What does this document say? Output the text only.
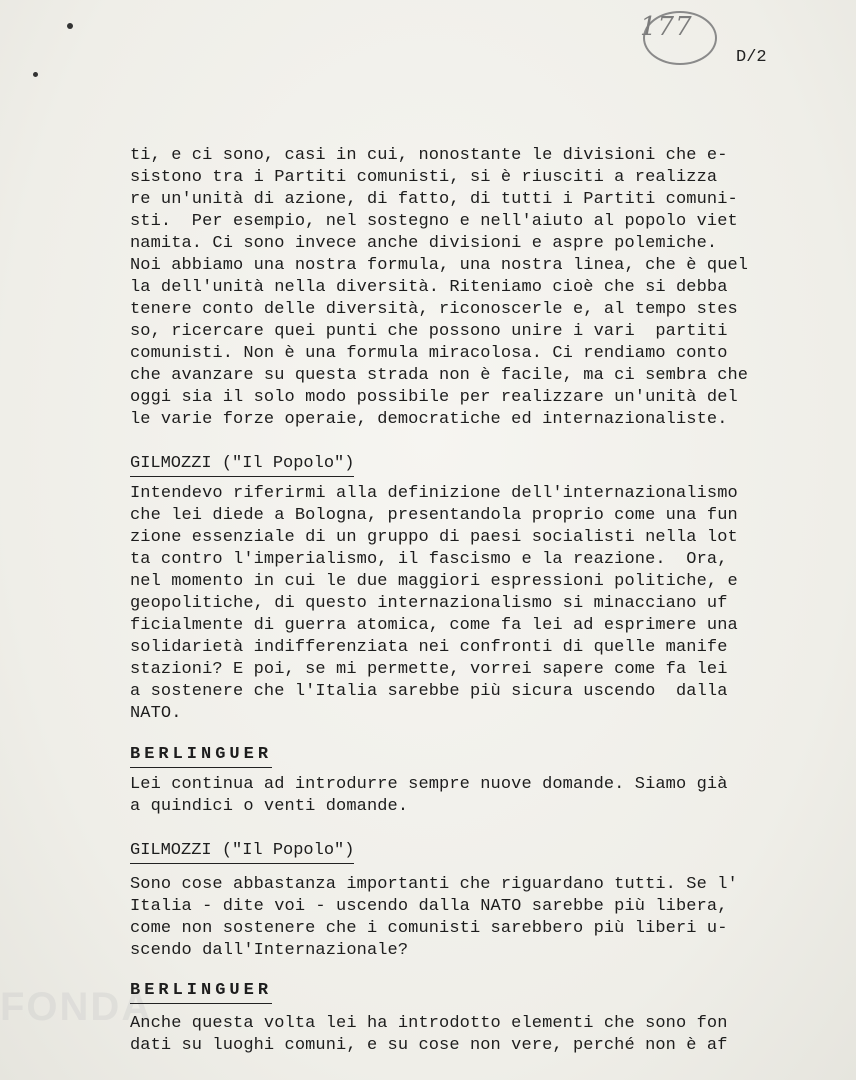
177
D/2
FONDA
ti, e ci sono, casi in cui, nonostante le divisioni che e-
sistono tra i Partiti comunisti, si è riusciti a realizza
re un'unità di azione, di fatto, di tutti i Partiti comuni-
sti.  Per esempio, nel sostegno e nell'aiuto al popolo viet
namita. Ci sono invece anche divisioni e aspre polemiche.
Noi abbiamo una nostra formula, una nostra linea, che è quel
la dell'unità nella diversità. Riteniamo cioè che si debba
tenere conto delle diversità, riconoscerle e, al tempo stes
so, ricercare quei punti che possono unire i vari  partiti
comunisti. Non è una formula miracolosa. Ci rendiamo conto
che avanzare su questa strada non è facile, ma ci sembra che
oggi sia il solo modo possibile per realizzare un'unità del
le varie forze operaie, democratiche ed internazionaliste.
GILMOZZI ("Il Popolo")
Intendevo riferirmi alla definizione dell'internazionalismo
che lei diede a Bologna, presentandola proprio come una fun
zione essenziale di un gruppo di paesi socialisti nella lot
ta contro l'imperialismo, il fascismo e la reazione.  Ora,
nel momento in cui le due maggiori espressioni politiche, e
geopolitiche, di questo internazionalismo si minacciano uf
ficialmente di guerra atomica, come fa lei ad esprimere una
solidarietà indifferenziata nei confronti di quelle manife
stazioni? E poi, se mi permette, vorrei sapere come fa lei
a sostenere che l'Italia sarebbe più sicura uscendo  dalla
NATO.
BERLINGUER
Lei continua ad introdurre sempre nuove domande. Siamo già
a quindici o venti domande.
GILMOZZI ("Il Popolo")
Sono cose abbastanza importanti che riguardano tutti. Se l'
Italia - dite voi - uscendo dalla NATO sarebbe più libera,
come non sostenere che i comunisti sarebbero più liberi u-
scendo dall'Internazionale?
BERLINGUER
Anche questa volta lei ha introdotto elementi che sono fon
dati su luoghi comuni, e su cose non vere, perché non è af
